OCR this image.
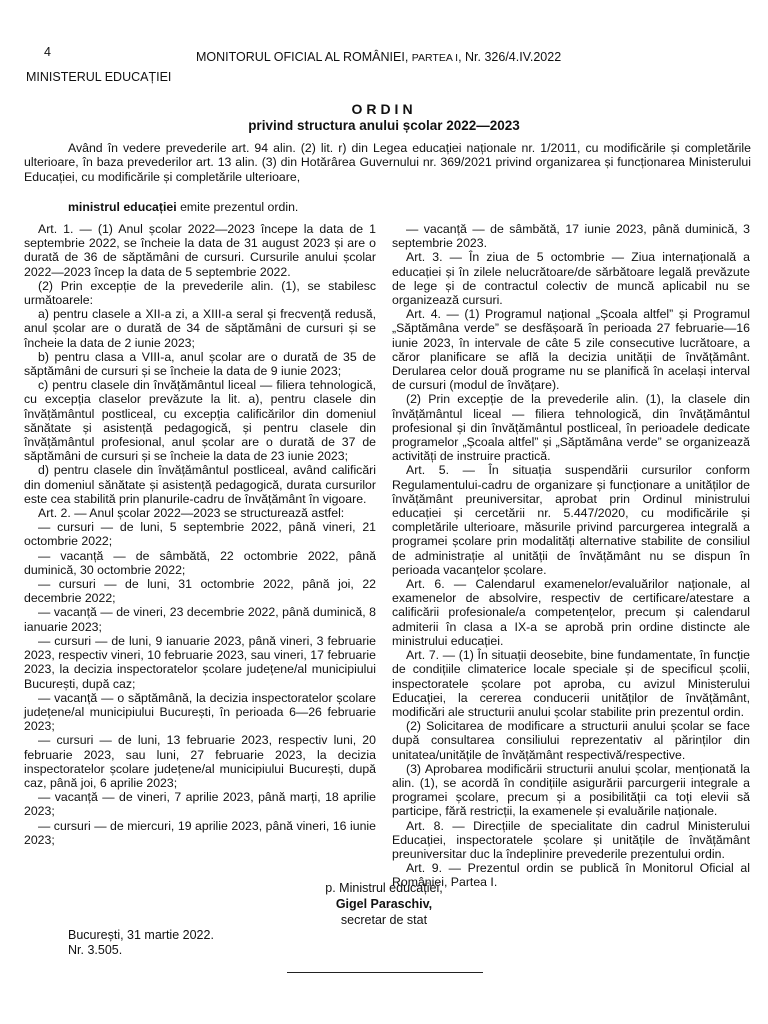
4	MONITORUL OFICIAL AL ROMÂNIEI, PARTEA I, Nr. 326/4.IV.2022
MINISTERUL EDUCAȚIEI
ORDIN
privind structura anului școlar 2022—2023

Având în vedere prevederile art. 94 alin. (2) lit. r) din Legea educației naționale nr. 1/2011, cu modificările și completările ulterioare, în baza prevederilor art. 13 alin. (3) din Hotărârea Guvernului nr. 369/2021 privind organizarea și funcționarea Ministerului Educației, cu modificările și completările ulterioare,

ministrul educației emite prezentul ordin.

Art. 1. — (1) Anul școlar 2022—2023 începe la data de 1 septembrie 2022, se încheie la data de 31 august 2023 și are o durată de 36 de săptămâni de cursuri. Cursurile anului școlar 2022—2023 încep la data de 5 septembrie 2022.

(2) Prin excepție de la prevederile alin. (1), se stabilesc următoarele:

a) pentru clasele a XII-a zi, a XIII-a seral și frecvență redusă, anul școlar are o durată de 34 de săptămâni de cursuri și se încheie la data de 2 iunie 2023;

b) pentru clasa a VIII-a, anul școlar are o durată de 35 de săptămâni de cursuri și se încheie la data de 9 iunie 2023;

c) pentru clasele din învățământul liceal — filiera tehnologică, cu excepția claselor prevăzute la lit. a), pentru clasele din învățământul postliceal, cu excepția calificărilor din domeniul sănătate și asistență pedagogică, și pentru clasele din învățământul profesional, anul școlar are o durată de 37 de săptămâni de cursuri și se încheie la data de 23 iunie 2023;

d) pentru clasele din învățământul postliceal, având calificări din domeniul sănătate și asistență pedagogică, durata cursurilor este cea stabilită prin planurile-cadru de învățământ în vigoare.

Art. 2. — Anul școlar 2022—2023 se structurează astfel:

— cursuri — de luni, 5 septembrie 2022, până vineri, 21 octombrie 2022;

— vacanță — de sâmbătă, 22 octombrie 2022, până duminică, 30 octombrie 2022;

— cursuri — de luni, 31 octombrie 2022, până joi, 22 decembrie 2022;

— vacanță — de vineri, 23 decembrie 2022, până duminică, 8 ianuarie 2023;

— cursuri — de luni, 9 ianuarie 2023, până vineri, 3 februarie 2023, respectiv vineri, 10 februarie 2023, sau vineri, 17 februarie 2023, la decizia inspectoratelor școlare județene/al municipiului București, după caz;

— vacanță — o săptămână, la decizia inspectoratelor școlare județene/al municipiului București, în perioada 6—26 februarie 2023;

— cursuri — de luni, 13 februarie 2023, respectiv luni, 20 februarie 2023, sau luni, 27 februarie 2023, la decizia inspectoratelor școlare județene/al municipiului București, după caz, până joi, 6 aprilie 2023;

— vacanță — de vineri, 7 aprilie 2023, până marți, 18 aprilie 2023;

— cursuri — de miercuri, 19 aprilie 2023, până vineri, 16 iunie 2023;

— vacanță — de sâmbătă, 17 iunie 2023, până duminică, 3 septembrie 2023.

Art. 3. — În ziua de 5 octombrie — Ziua internațională a educației și în zilele nelucrătoare/de sărbătoare legală prevăzute de lege și de contractul colectiv de muncă aplicabil nu se organizează cursuri.

Art. 4. — (1) Programul național „Școala altfel” și Programul „Săptămâna verde” se desfășoară în perioada 27 februarie—16 iunie 2023, în intervale de câte 5 zile consecutive lucrătoare, a căror planificare se află la decizia unității de învățământ. Derularea celor două programe nu se planifică în același interval de cursuri (modul de învățare).

(2) Prin excepție de la prevederile alin. (1), la clasele din învățământul liceal — filiera tehnologică, din învățământul profesional și din învățământul postliceal, în perioadele dedicate programelor „Școala altfel” și „Săptămâna verde” se organizează activități de instruire practică.

Art. 5. — În situația suspendării cursurilor conform Regulamentului-cadru de organizare și funcționare a unităților de învățământ preuniversitar, aprobat prin Ordinul ministrului educației și cercetării nr. 5.447/2020, cu modificările și completările ulterioare, măsurile privind parcurgerea integrală a programei școlare prin modalități alternative stabilite de consiliul de administrație al unității de învățământ nu se dispun în perioada vacanțelor școlare.

Art. 6. — Calendarul examenelor/evaluărilor naționale, al examenelor de absolvire, respectiv de certificare/atestare a calificării profesionale/a competențelor, precum și calendarul admiterii în clasa a IX-a se aprobă prin ordine distincte ale ministrului educației.

Art. 7. — (1) În situații deosebite, bine fundamentate, în funcție de condițiile climaterice locale speciale și de specificul școlii, inspectoratele școlare pot aproba, cu avizul Ministerului Educației, la cererea conducerii unităților de învățământ, modificări ale structurii anului școlar stabilite prin prezentul ordin.

(2) Solicitarea de modificare a structurii anului școlar se face după consultarea consiliului reprezentativ al părinților din unitatea/unitățile de învățământ respectivă/respective.

(3) Aprobarea modificării structurii anului școlar, menționată la alin. (1), se acordă în condițiile asigurării parcurgerii integrale a programei școlare, precum și a posibilității ca toți elevii să participe, fără restricții, la examenele și evaluările naționale.

Art. 8. — Direcțiile de specialitate din cadrul Ministerului Educației, inspectoratele școlare și unitățile de învățământ preuniversitar duc la îndeplinire prevederile prezentului ordin.

Art. 9. — Prezentul ordin se publică în Monitorul Oficial al României, Partea I.

p. Ministrul educației,
Gigel Paraschiv,
secretar de stat
București, 31 martie 2022.
Nr. 3.505.
